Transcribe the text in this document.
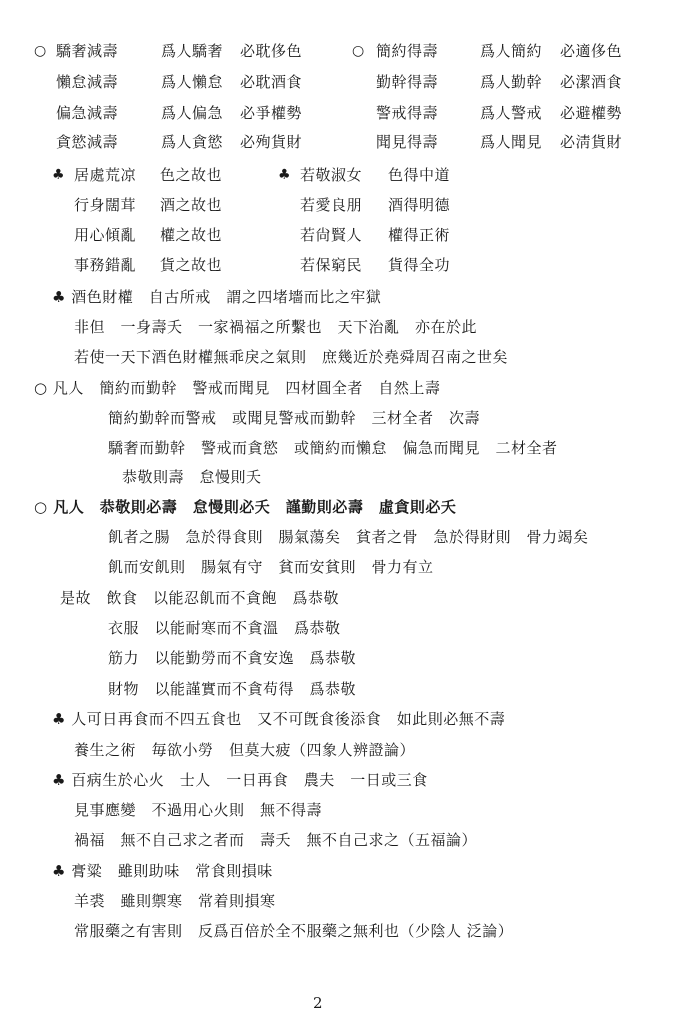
○ 驕奢減壽	爲人驕奢 必耽侈色	○ 簡約得壽	爲人簡約 必適侈色
懶怠減壽	爲人懶怠 必耽酒食	勤幹得壽	爲人勤幹 必潔酒食
偏急減壽	爲人偏急 必爭權勢	警戒得壽	爲人警戒 必避權勢
貪慾減壽	爲人貪慾 必殉貨財	聞見得壽	爲人聞見 必淸貨財
♣ 居處荒凉 色之故也	♣ 若敬淑女 色得中道
行身闊茸 酒之故也	若愛良朋 酒得明德
用心傾亂 權之故也	若尙賢人 權得正術
事務錯亂 貨之故也	若保窮民 貨得全功
♣ 酒色財權　自古所戒　謂之四堵墻而比之牢獄
非但　一身壽夭　一家禍福之所繫也　天下治亂　亦在於此
若使一天下酒色財權無乖戾之氣則　庶幾近於堯舜周召南之世矣
○ 凡人　簡約而勤幹　警戒而聞見　四材圓全者　自然上壽
簡約勤幹而警戒　或聞見警戒而勤幹　三材全者　次壽
驕奢而勤幹　警戒而貪慾　或簡約而懶怠　偏急而聞見　二材全者
恭敬則壽　怠慢則夭
○ 凡人　恭敬則必壽　怠慢則必夭　謹勤則必壽　虛貪則必夭
飢者之腸　急於得食則　腸氣蕩矣　貧者之骨　急於得財則　骨力竭矣
飢而安飢則　腸氣有守　貧而安貧則　骨力有立
是故　飲食　以能忍飢而不貪飽　爲恭敬
衣服　以能耐寒而不貪溫　爲恭敬
筋力　以能勤勞而不貪安逸　爲恭敬
財物　以能謹實而不貪苟得　爲恭敬
♣ 人可日再食而不四五食也　又不可旣食後添食　如此則必無不壽
養生之術　毎欲小勞　但莫大疲（四象人辨證論）
♣ 百病生於心火　士人　一日再食　農夫　一日或三食
見事應變　不過用心火則　無不得壽
禍福　無不自己求之者而　壽夭　無不自己求之（五福論）
♣ 膏粱　雖則助味　常食則損味
羊裘　雖則禦寒　常着則損寒
常服藥之有害則　反爲百倍於全不服藥之無利也（少陰人 泛論）
2
